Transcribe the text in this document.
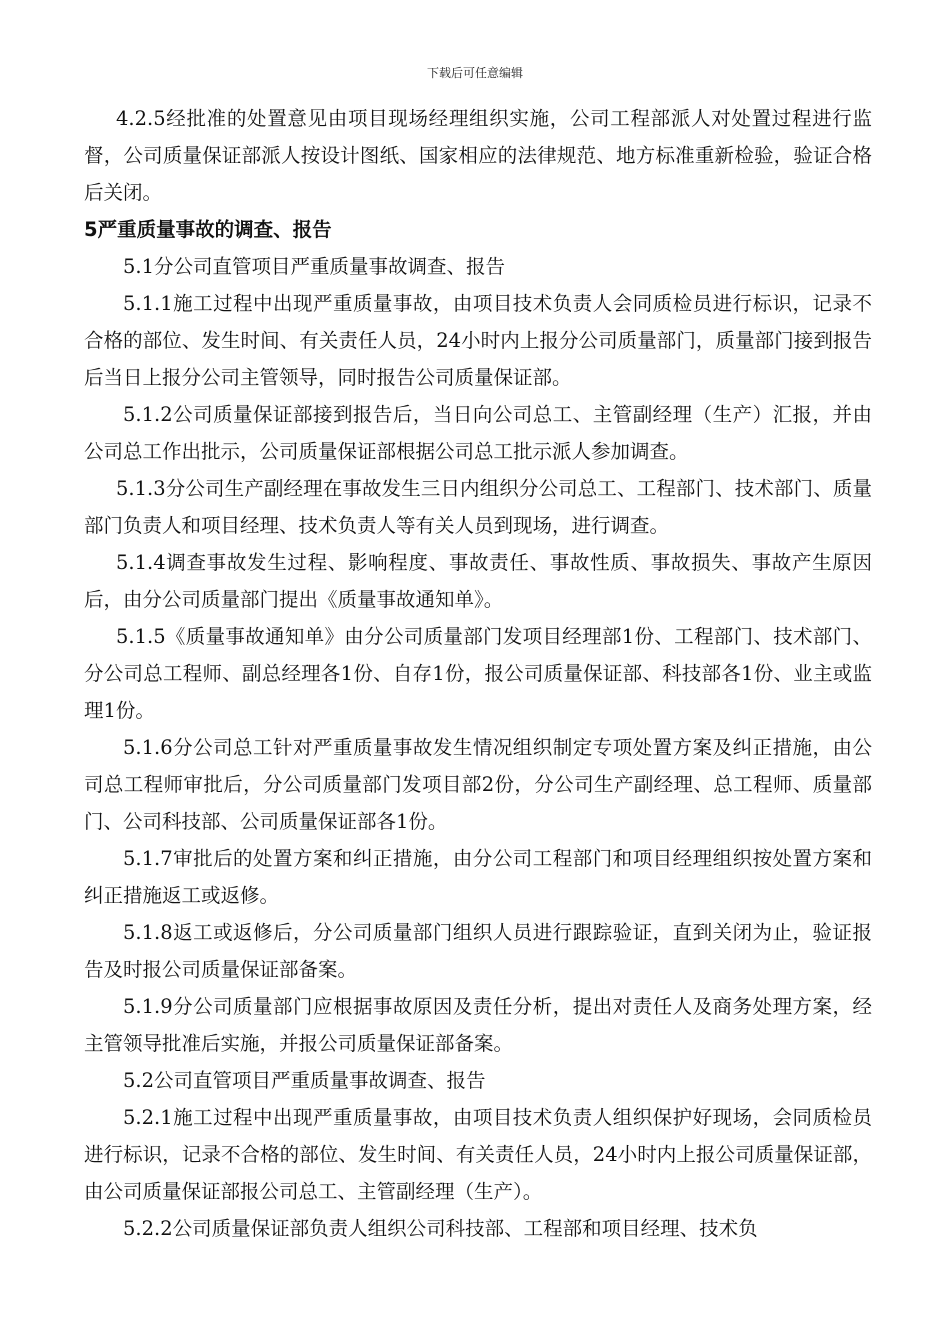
下载后可任意编辑

4.2.5经批准的处置意见由项目现场经理组织实施，公司工程部派人对处置过程进行监督，公司质量保证部派人按设计图纸、国家相应的法律规范、地方标准重新检验，验证合格后关闭。

5严重质量事故的调查、报告

5.1分公司直管项目严重质量事故调查、报告

5.1.1施工过程中出现严重质量事故，由项目技术负责人会同质检员进行标识，记录不合格的部位、发生时间、有关责任人员，24小时内上报分公司质量部门，质量部门接到报告后当日上报分公司主管领导，同时报告公司质量保证部。

5.1.2公司质量保证部接到报告后，当日向公司总工、主管副经理（生产）汇报，并由公司总工作出批示，公司质量保证部根据公司总工批示派人参加调查。

5.1.3分公司生产副经理在事故发生三日内组织分公司总工、工程部门、技术部门、质量部门负责人和项目经理、技术负责人等有关人员到现场，进行调查。

5.1.4调查事故发生过程、影响程度、事故责任、事故性质、事故损失、事故产生原因后，由分公司质量部门提出《质量事故通知单》。

5.1.5《质量事故通知单》由分公司质量部门发项目经理部1份、工程部门、技术部门、分公司总工程师、副总经理各1份、自存1份，报公司质量保证部、科技部各1份、业主或监理1份。

5.1.6分公司总工针对严重质量事故发生情况组织制定专项处置方案及纠正措施，由公司总工程师审批后，分公司质量部门发项目部2份，分公司生产副经理、总工程师、质量部门、公司科技部、公司质量保证部各1份。

5.1.7审批后的处置方案和纠正措施，由分公司工程部门和项目经理组织按处置方案和纠正措施返工或返修。

5.1.8返工或返修后，分公司质量部门组织人员进行跟踪验证，直到关闭为止，验证报告及时报公司质量保证部备案。

5.1.9分公司质量部门应根据事故原因及责任分析，提出对责任人及商务处理方案，经主管领导批准后实施，并报公司质量保证部备案。

5.2公司直管项目严重质量事故调查、报告

5.2.1施工过程中出现严重质量事故，由项目技术负责人组织保护好现场，会同质检员进行标识，记录不合格的部位、发生时间、有关责任人员，24小时内上报公司质量保证部，由公司质量保证部报公司总工、主管副经理（生产）。

5.2.2公司质量保证部负责人组织公司科技部、工程部和项目经理、技术负
